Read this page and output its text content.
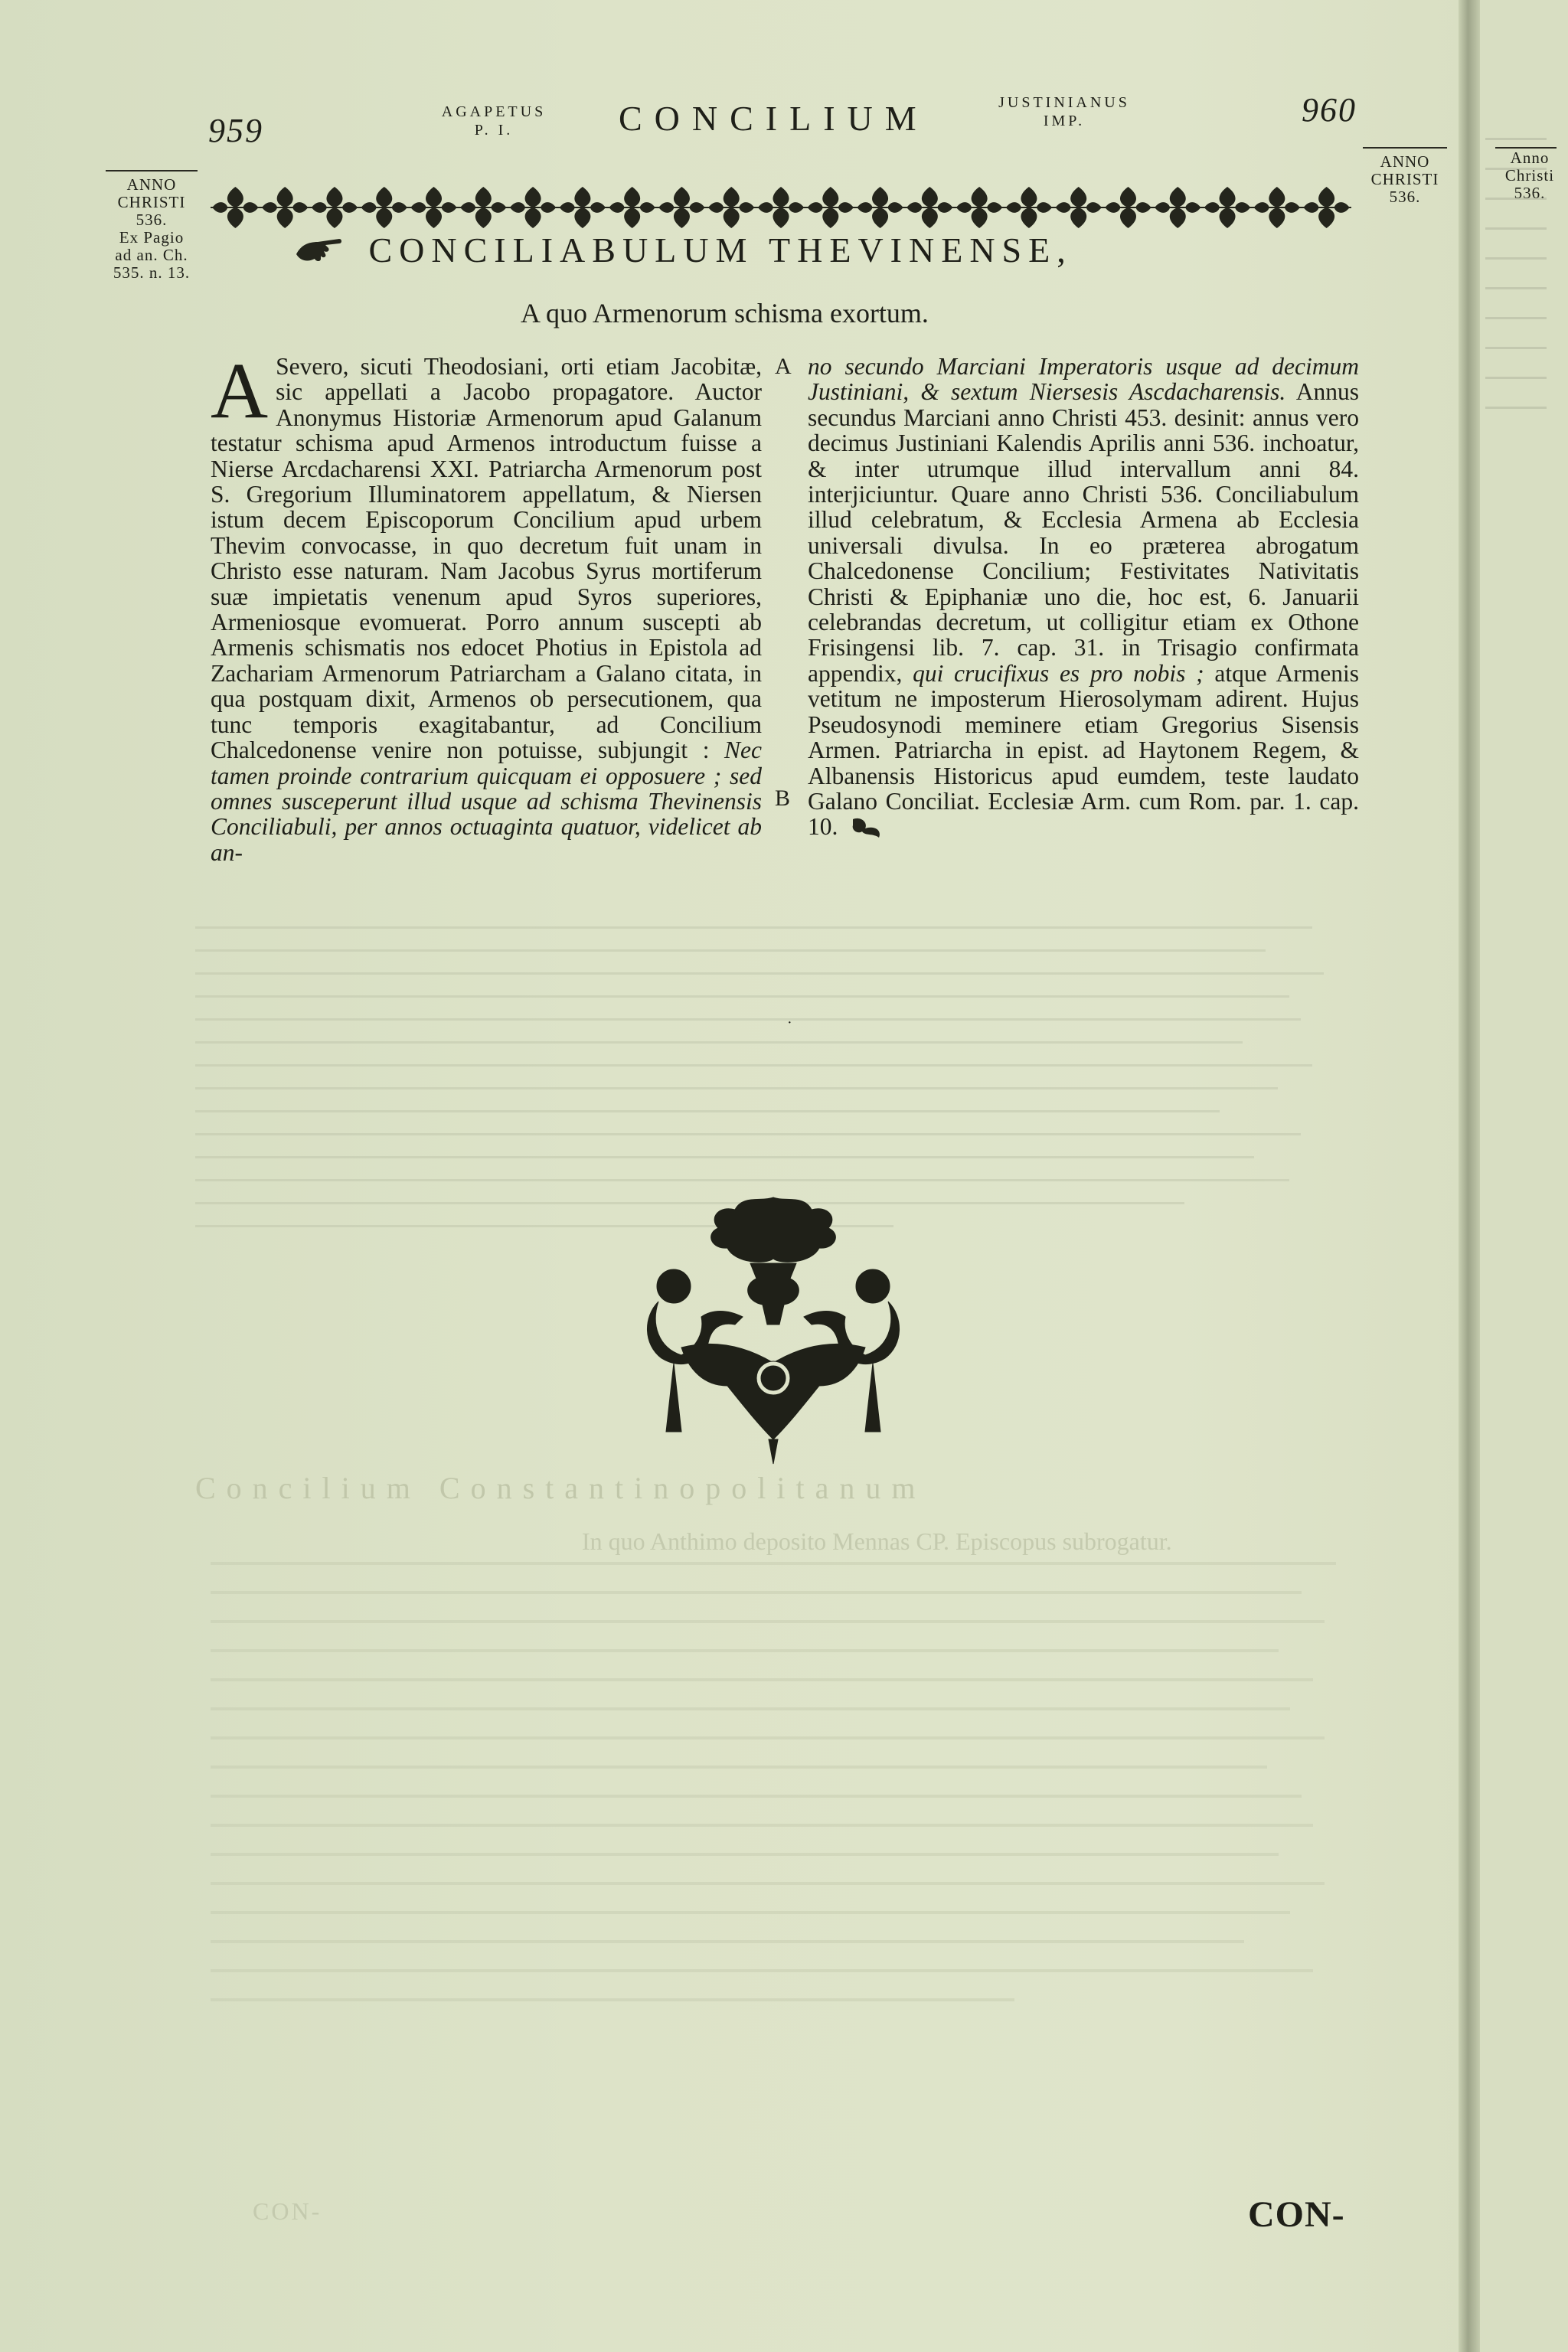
Anno
Christi
536.
Concilium Constantinopolitanum
In quo Anthimo deposito Mennas CP. Episcopus subrogatur.
CON-
959	AGAPETUS
P. I.	CONCILIUM	JUSTINIANUS
IMP.	960
ANNO
CHRISTI
536.
Ex Pagio
ad an. Ch.
535. n. 13.
ANNO
CHRISTI
536.
CONCILIABULUM THEVINENSE,
A quo Armenorum schisma exortum.
A
B
·

A Severo, sicuti Theodosiani, orti etiam Jacobitæ, sic appellati a Jacobo propagatore. Auctor Anonymus Historiæ Armenorum apud Galanum testatur schisma apud Armenos introductum fuisse a Nierse Arcdacharensi XXI. Patriarcha Armenorum post S. Gregorium Illuminatorem appellatum, & Niersen istum decem Episcoporum Concilium apud urbem Thevim convocasse, in quo decretum fuit unam in Christo esse naturam. Nam Jacobus Syrus mortiferum suæ impietatis venenum apud Syros superiores, Armeniosque evomuerat. Porro annum suscepti ab Armenis schismatis nos edocet Photius in Epistola ad Zachariam Armenorum Patriarcham a Galano citata, in qua postquam dixit, Armenos ob persecutionem, qua tunc temporis exagitabantur, ad Concilium Chalcedonense venire non potuisse, subjungit : Nec tamen proinde contrarium quicquam ei opposuere ; sed omnes susceperunt illud usque ad schisma Thevinensis Conciliabuli, per annos octuaginta quatuor, videlicet ab an-

no secundo Marciani Imperatoris usque ad decimum Justiniani, & sextum Niersesis Ascdacharensis. Annus secundus Marciani anno Christi 453. desinit: annus vero decimus Justiniani Kalendis Aprilis anni 536. inchoatur, & inter utrumque illud intervallum anni 84. interjiciuntur. Quare anno Christi 536. Conciliabulum illud celebratum, & Ecclesia Armena ab Ecclesia universali divulsa. In eo præterea abrogatum Chalcedonense Concilium; Festivitates Nativitatis Christi & Epiphaniæ uno die, hoc est, 6. Januarii celebrandas decretum, ut colligitur etiam ex Othone Frisingensi lib. 7. cap. 31. in Trisagio confirmata appendix, qui crucifixus es pro nobis ; atque Armenis vetitum ne imposterum Hierosolymam adirent. Hujus Pseudosynodi meminere etiam Gregorius Sisensis Armen. Patriarcha in epist. ad Haytonem Regem, & Albanensis Historicus apud eumdem, teste laudato Galano Conciliat. Ecclesiæ Arm. cum Rom. par. 1. cap. 10.

CON-
